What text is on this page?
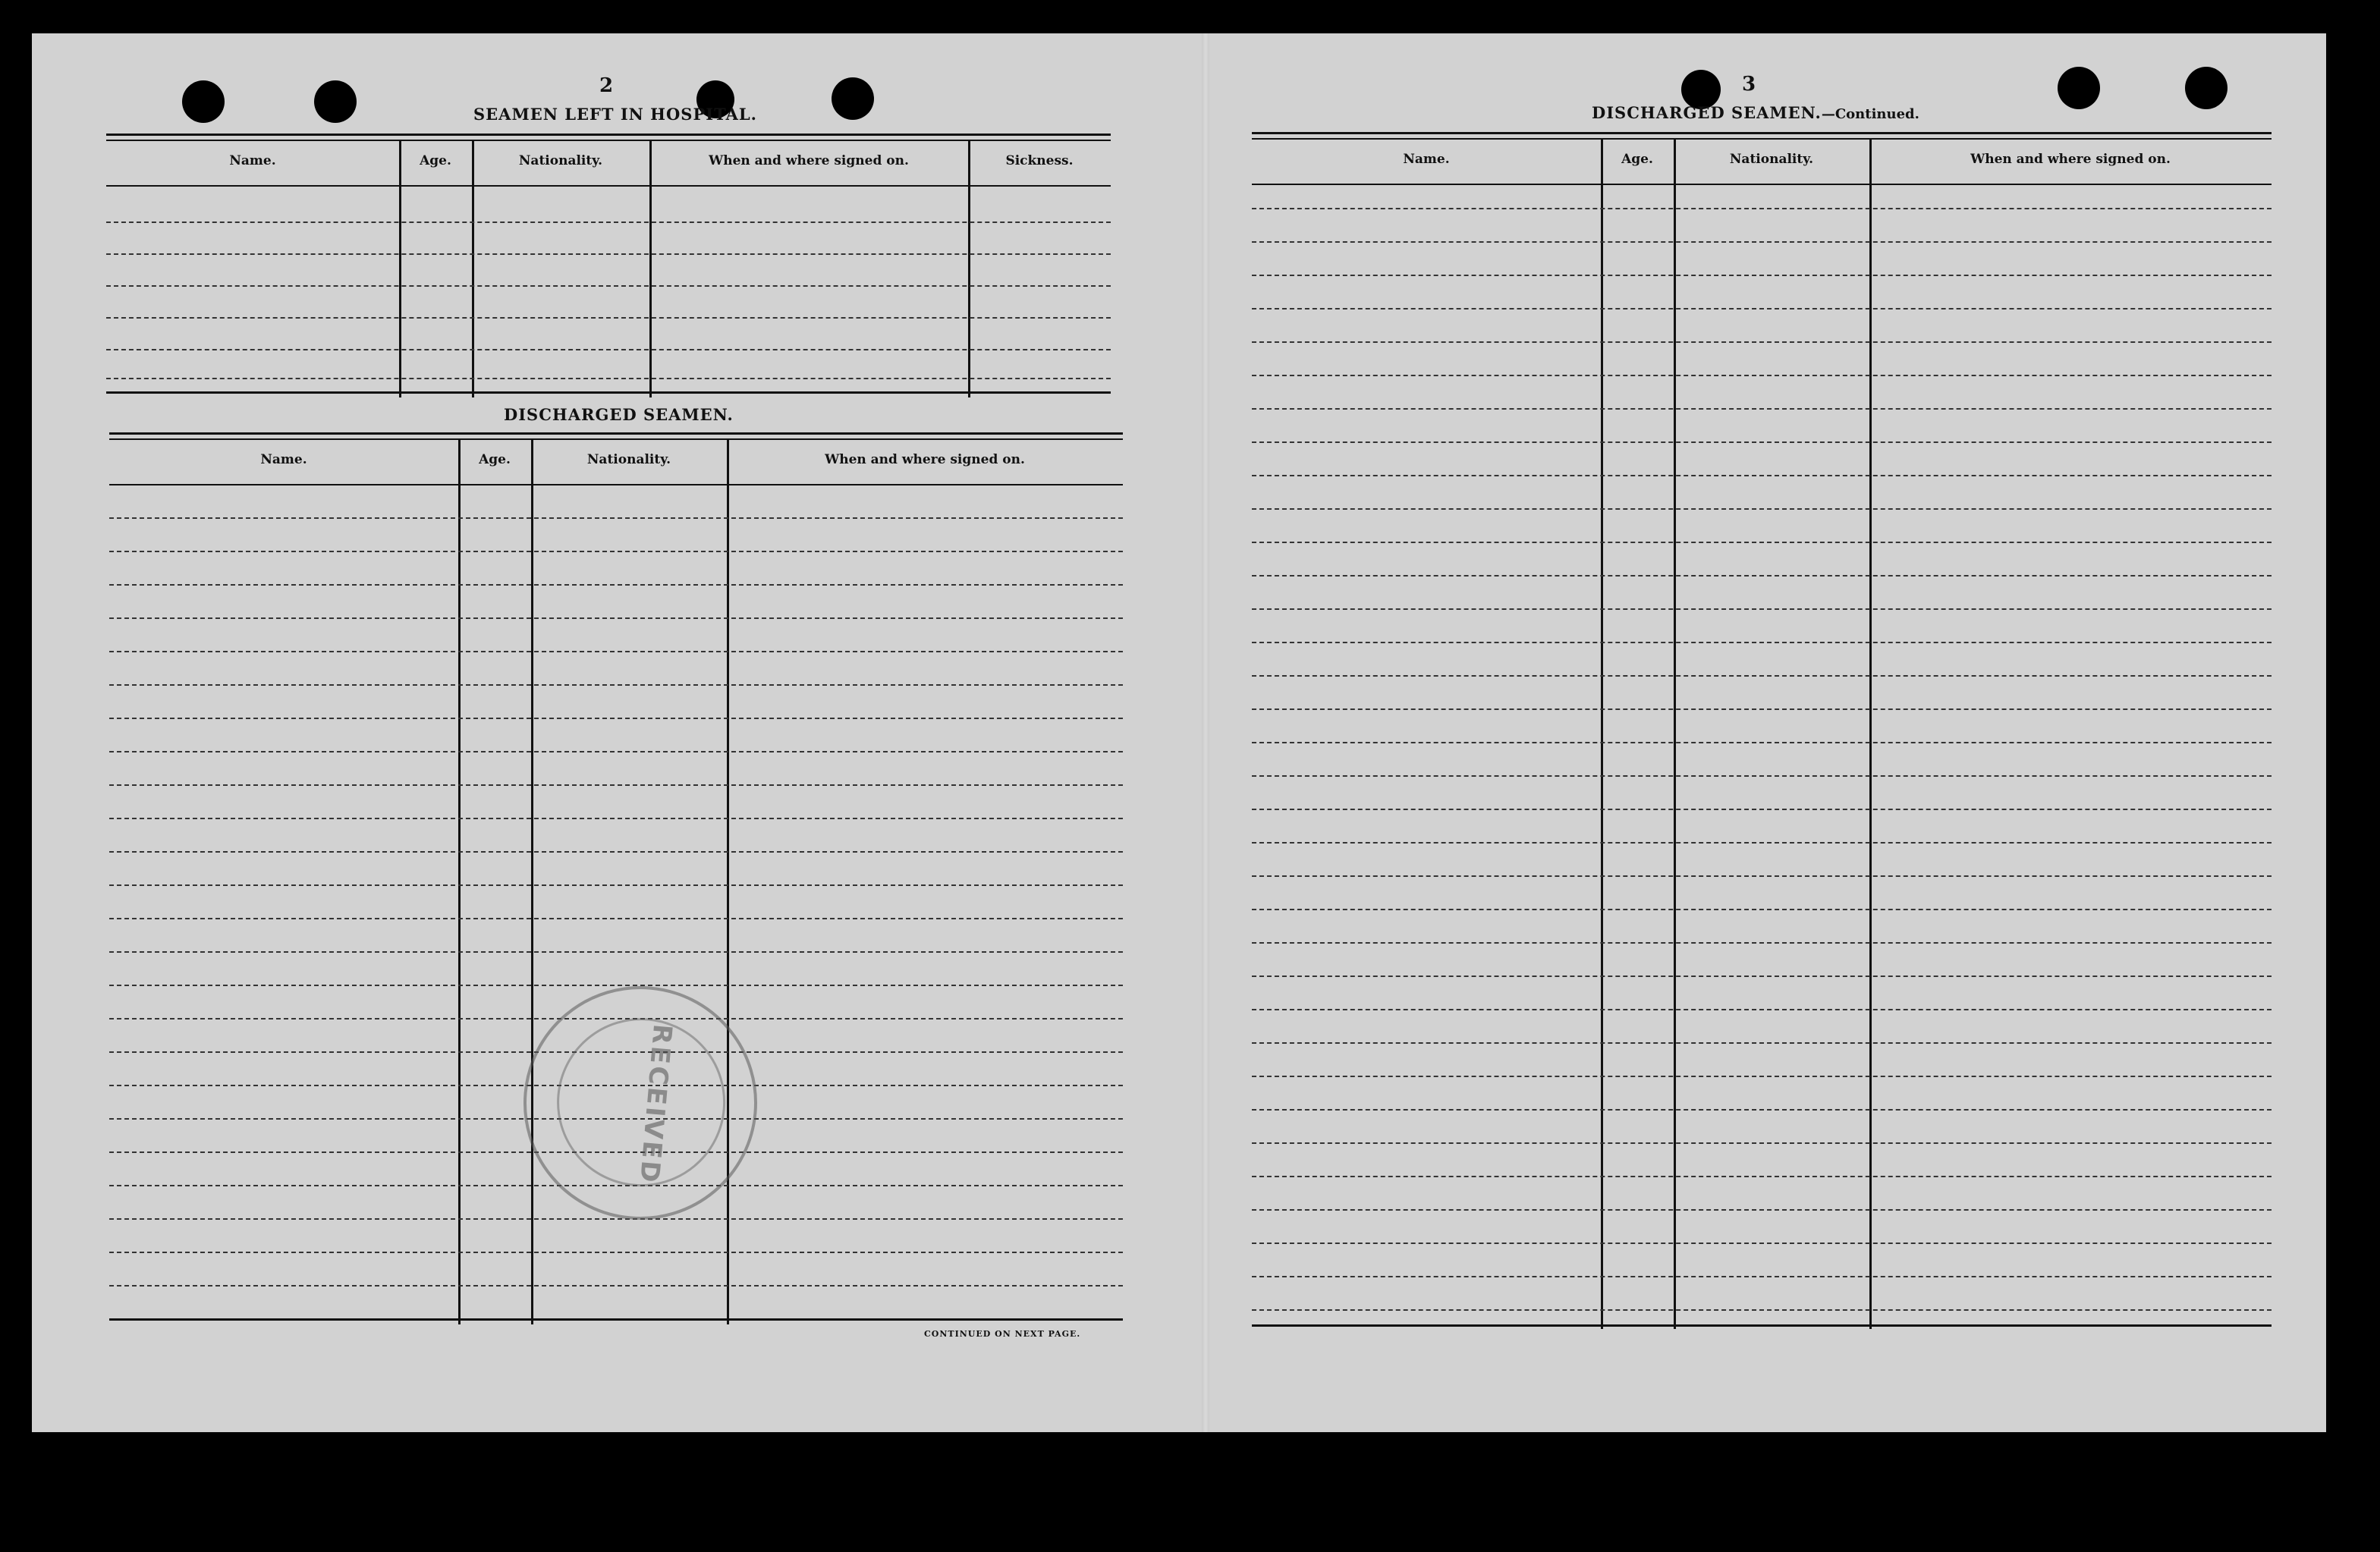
2
SEAMEN LEFT IN HOSPITAL.
Name.	Age.	Nationality.	When and where signed on.	Sickness.
DISCHARGED SEAMEN.
Name.	Age.	Nationality.	When and where signed on.
CONTINUED ON NEXT PAGE.
RECEIVED
3
DISCHARGED SEAMEN.—Continued.
Name.	Age.	Nationality.	When and where signed on.
